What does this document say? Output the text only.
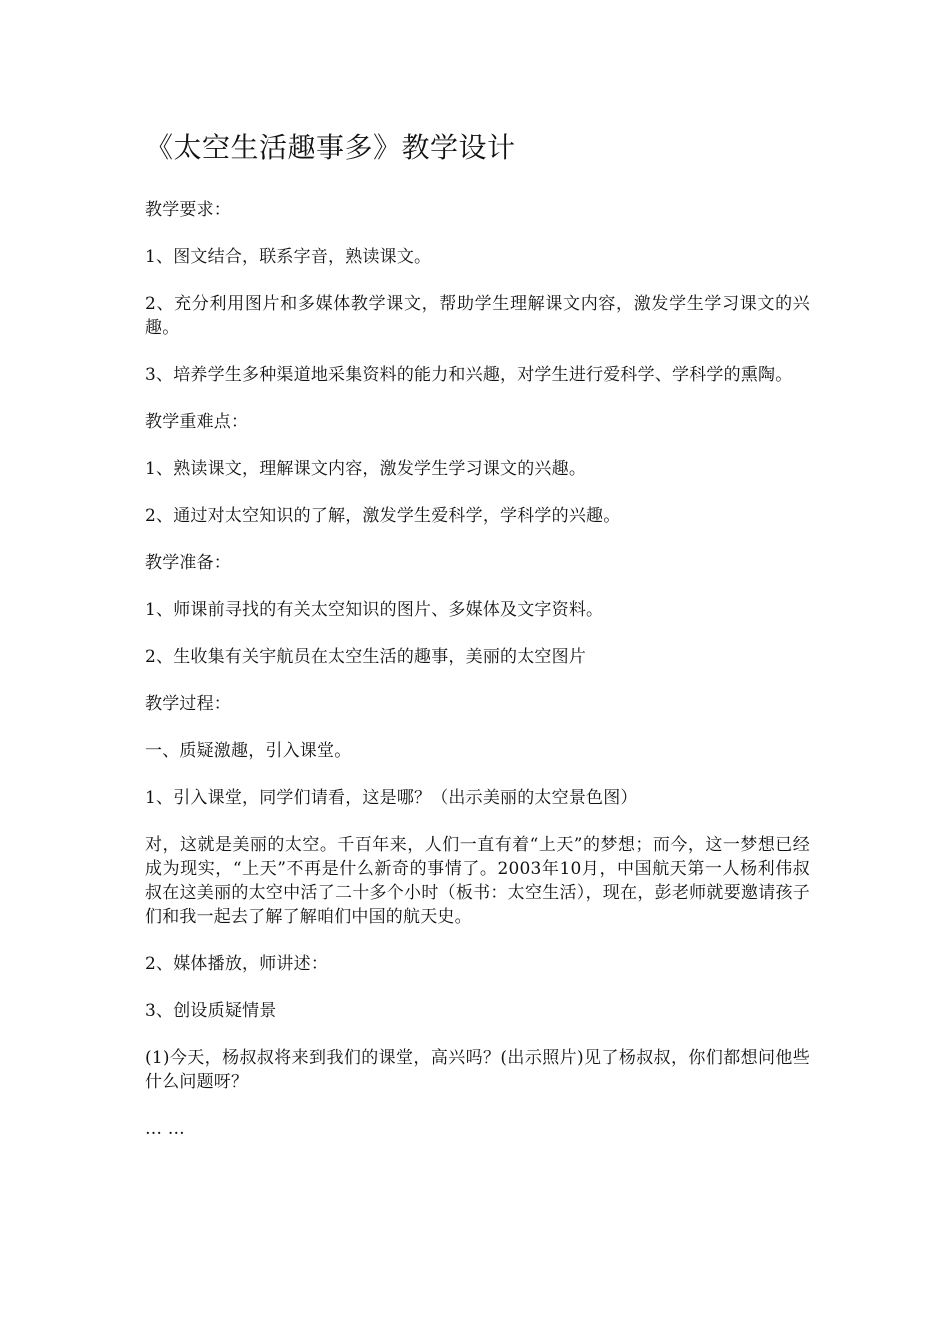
《太空生活趣事多》教学设计

教学要求：

1、图文结合，联系字音，熟读课文。

2、充分利用图片和多媒体教学课文，帮助学生理解课文内容，激发学生学习课文的兴趣。

3、培养学生多种渠道地采集资料的能力和兴趣，对学生进行爱科学、学科学的熏陶。

教学重难点：

1、熟读课文，理解课文内容，激发学生学习课文的兴趣。

2、通过对太空知识的了解，激发学生爱科学，学科学的兴趣。

教学准备：

1、师课前寻找的有关太空知识的图片、多媒体及文字资料。

2、生收集有关宇航员在太空生活的趣事，美丽的太空图片

教学过程：

一、质疑激趣，引入课堂。

1、引入课堂，同学们请看，这是哪？（出示美丽的太空景色图）

对，这就是美丽的太空。千百年来，人们一直有着“上天”的梦想；而今，这一梦想已经成为现实，“上天”不再是什么新奇的事情了。2003年10月，中国航天第一人杨利伟叔叔在这美丽的太空中活了二十多个小时（板书：太空生活），现在，彭老师就要邀请孩子们和我一起去了解了解咱们中国的航天史。

2、媒体播放，师讲述：

3、创设质疑情景

(1)今天，杨叔叔将来到我们的课堂，高兴吗？(出示照片)见了杨叔叔，你们都想问他些什么问题呀？

… …
